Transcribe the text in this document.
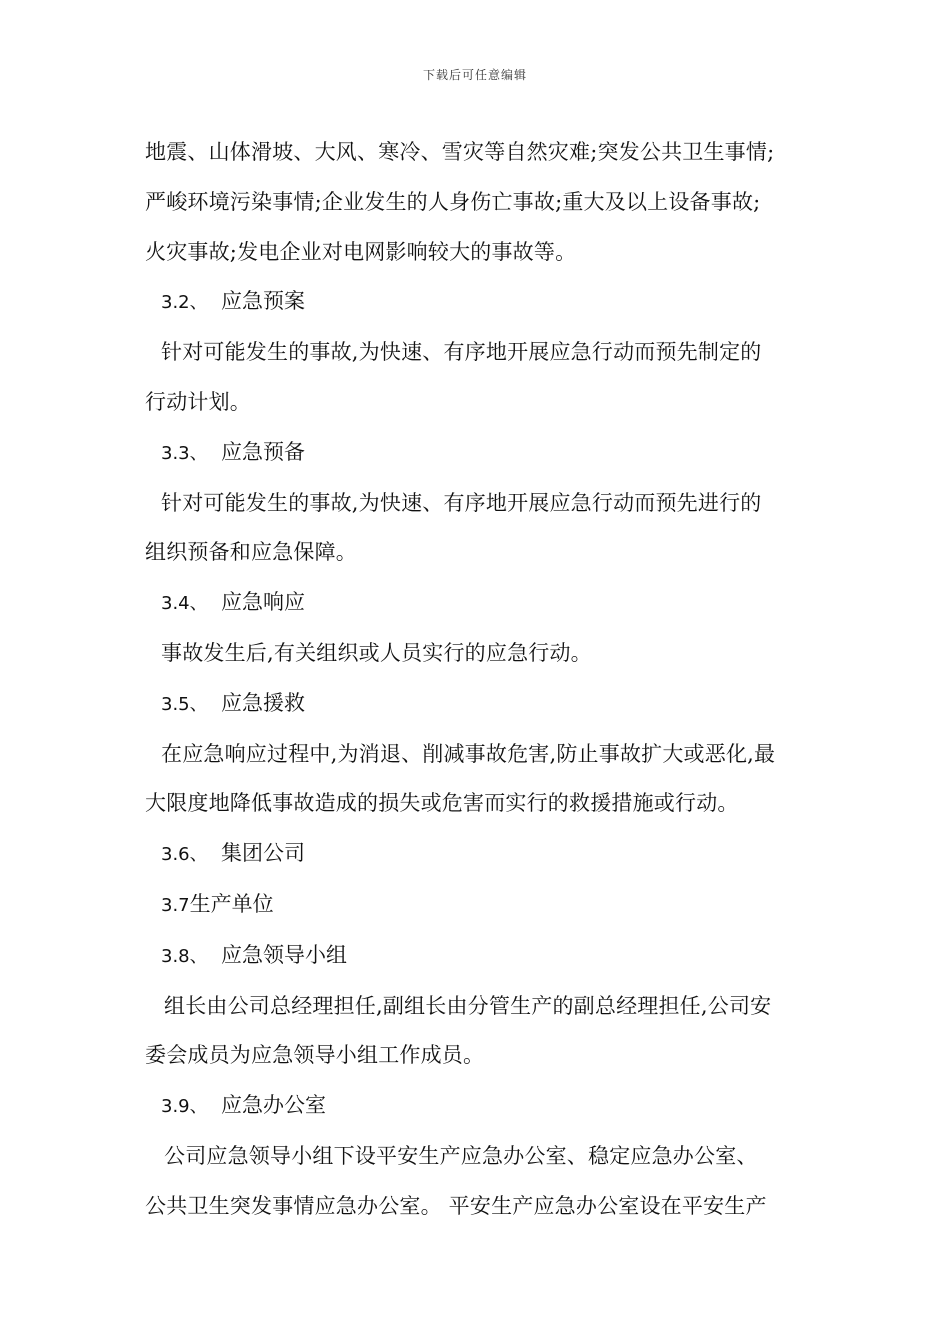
下载后可任意编辑
地震、山体滑坡、大风、寒冷、雪灾等自然灾难;突发公共卫生事情;
严峻环境污染事情;企业发生的人身伤亡事故;重大及以上设备事故;
火灾事故;发电企业对电网影响较大的事故等。
3.2、 应急预案
针对可能发生的事故,为快速、有序地开展应急行动而预先制定的
行动计划。
3.3、 应急预备
针对可能发生的事故,为快速、有序地开展应急行动而预先进行的
组织预备和应急保障。
3.4、 应急响应
事故发生后,有关组织或人员实行的应急行动。
3.5、 应急援救
在应急响应过程中,为消退、削减事故危害,防止事故扩大或恶化,最
大限度地降低事故造成的损失或危害而实行的救援措施或行动。
3.6、 集团公司
3.7生产单位
3.8、 应急领导小组
组长由公司总经理担任,副组长由分管生产的副总经理担任,公司安
委会成员为应急领导小组工作成员。
3.9、 应急办公室
公司应急领导小组下设平安生产应急办公室、稳定应急办公室、
公共卫生突发事情应急办公室。 平安生产应急办公室设在平安生产
